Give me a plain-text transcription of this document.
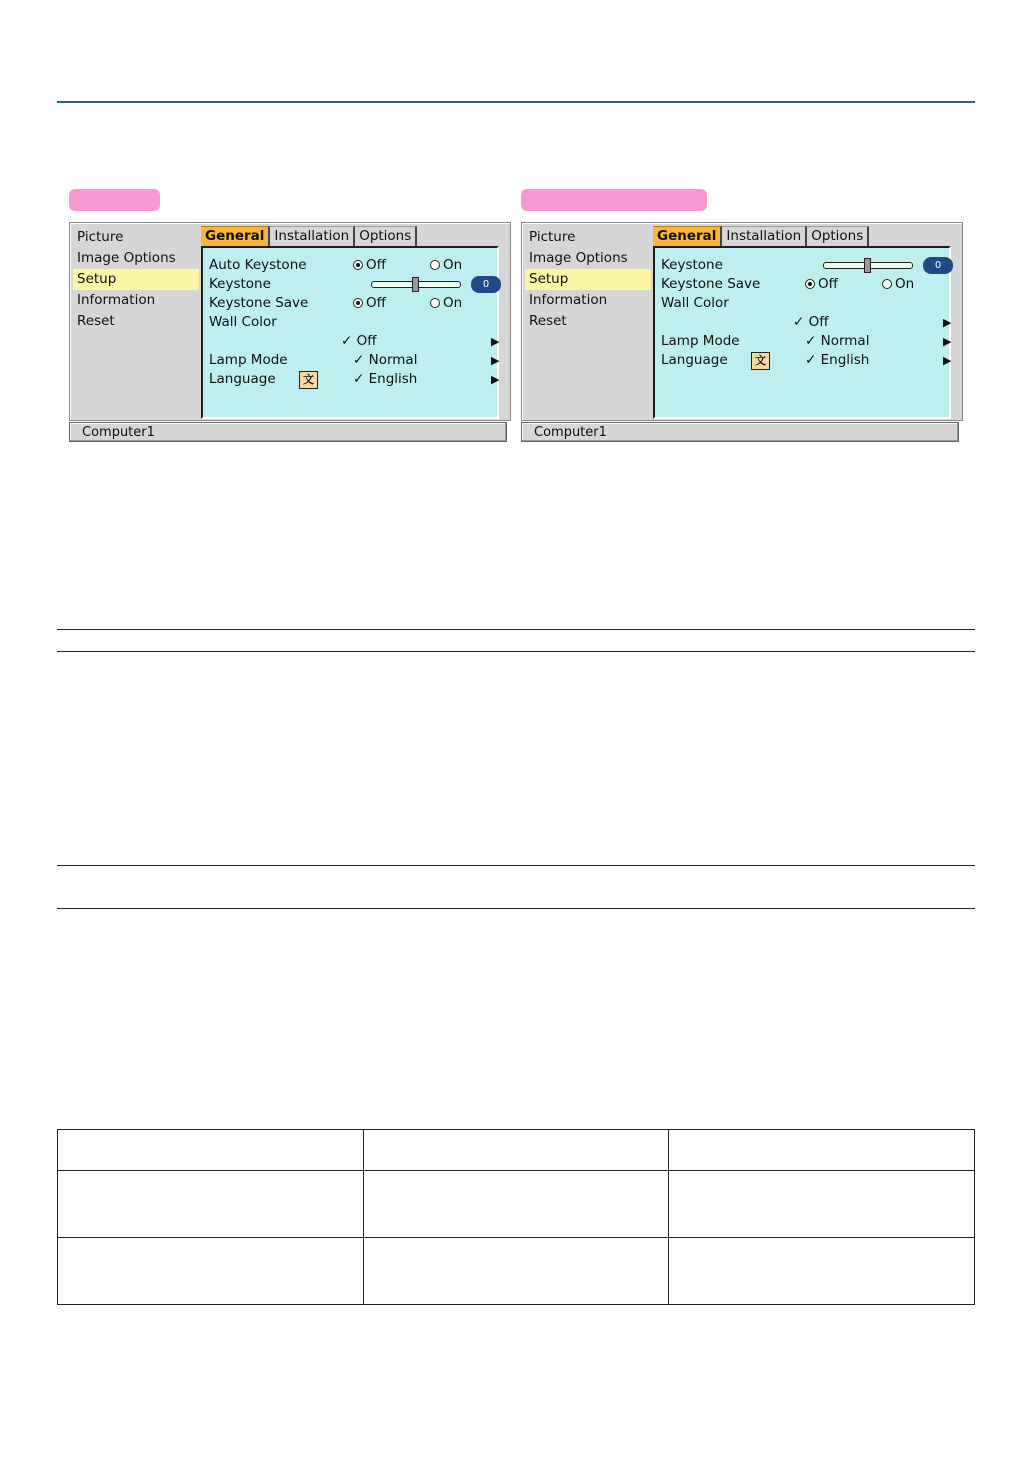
Picture
Image Options
Setup
Information
Reset
General Installation Options
Auto Keystone	Off	On
Keystone	0
Keystone Save	Off	On
Wall Color
✓ Off	▶
Lamp Mode	✓ Normal	▶
Language	文	✓ English	▶
Computer1
Picture
Image Options
Setup
Information
Reset
General Installation Options
Keystone	0
Keystone Save	Off	On
Wall Color
✓ Off	▶
Lamp Mode	✓ Normal	▶
Language	文	✓ English	▶
Computer1
